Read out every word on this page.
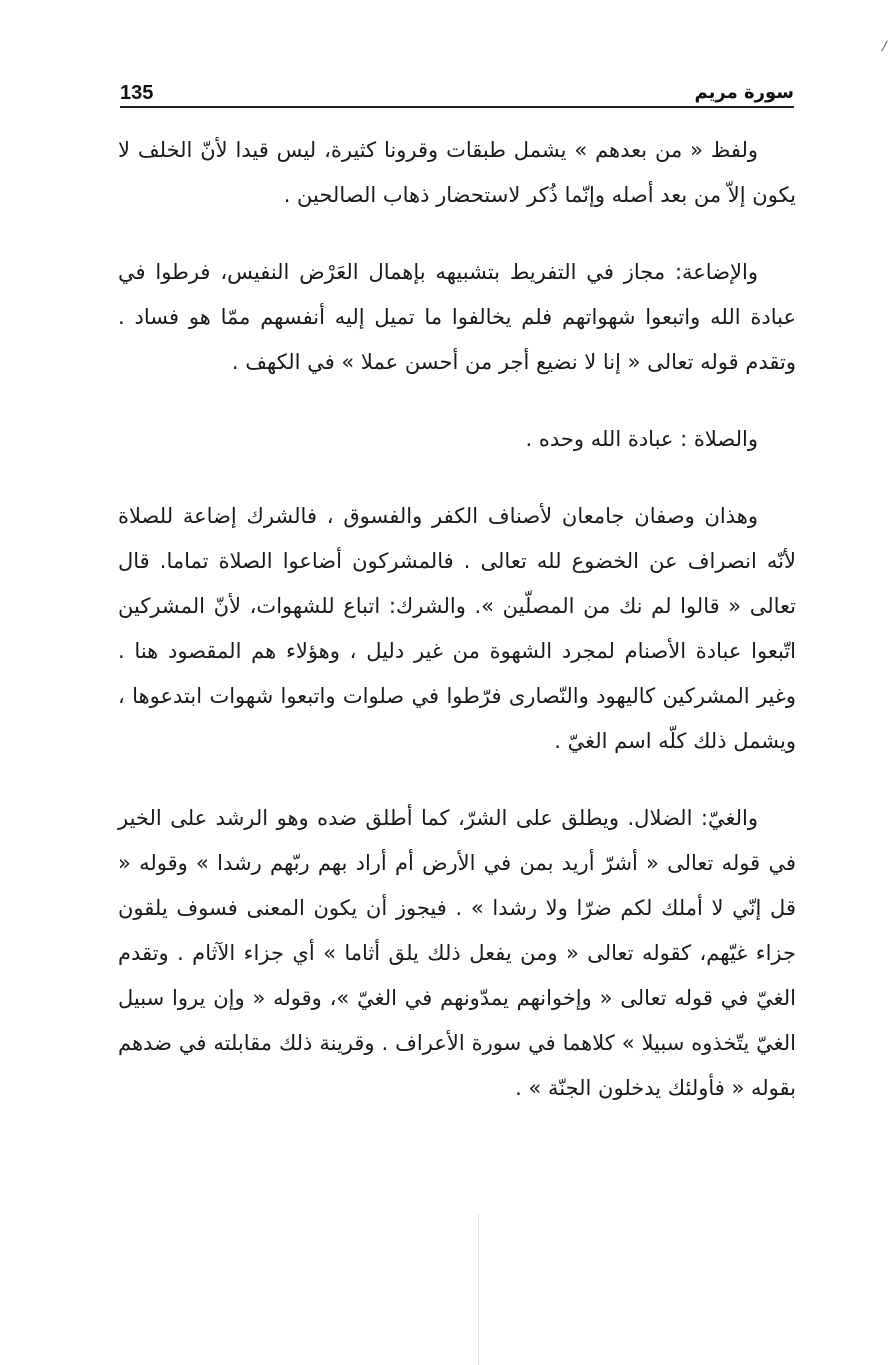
135	سورة مريم

ولفظ « من بعدهم » يشمل طبقات وقرونا كثيرة، ليس قيدا لأنّ الخلف لا يكون إلاّ من بعد أصله وإنّما ذُكر لاستحضار ذهاب الصالحين .

والإضاعة: مجاز في التفريط بتشبيهه بإهمال العَرْض النفيس، فرطوا في عبادة الله واتبعوا شهواتهم فلم يخالفوا ما تميل إليه أنفسهم ممّا هو فساد . وتقدم قوله تعالى « إنا لا نضيع أجر من أحسن عملا » في الكهف .

والصلاة : عبادة الله وحده .

وهذان وصفان جامعان لأصناف الكفر والفسوق ، فالشرك إضاعة للصلاة لأنّه انصراف عن الخضوع لله تعالى . فالمشركون أضاعوا الصلاة تماما. قال تعالى « قالوا لم نك من المصلّين ». والشرك: اتباع للشهوات، لأنّ المشركين اتّبعوا عبادة الأصنام لمجرد الشهوة من غير دليل ، وهؤلاء هم المقصود هنا . وغير المشركين كاليهود والنّصارى فرّطوا في صلوات واتبعوا شهوات ابتدعوها ، ويشمل ذلك كلّه اسم الغيّ .

والغيّ: الضلال. ويطلق على الشرّ، كما أطلق ضده وهو الرشد على الخير في قوله تعالى « أشرّ أريد بمن في الأرض أم أراد بهم ربّهم رشدا » وقوله « قل إنّي لا أملك لكم ضرّا ولا رشدا » . فيجوز أن يكون المعنى فسوف يلقون جزاء غيّهم، كقوله تعالى « ومن يفعل ذلك يلق أثاما » أي جزاء الآثام . وتقدم الغيّ في قوله تعالى « وإخوانهم يمدّونهم في الغيّ »، وقوله « وإن يروا سبيل الغيّ يتّخذوه سبيلا » كلاهما في سورة الأعراف . وقرينة ذلك مقابلته في ضدهم بقوله « فأولئك يدخلون الجنّة » .
